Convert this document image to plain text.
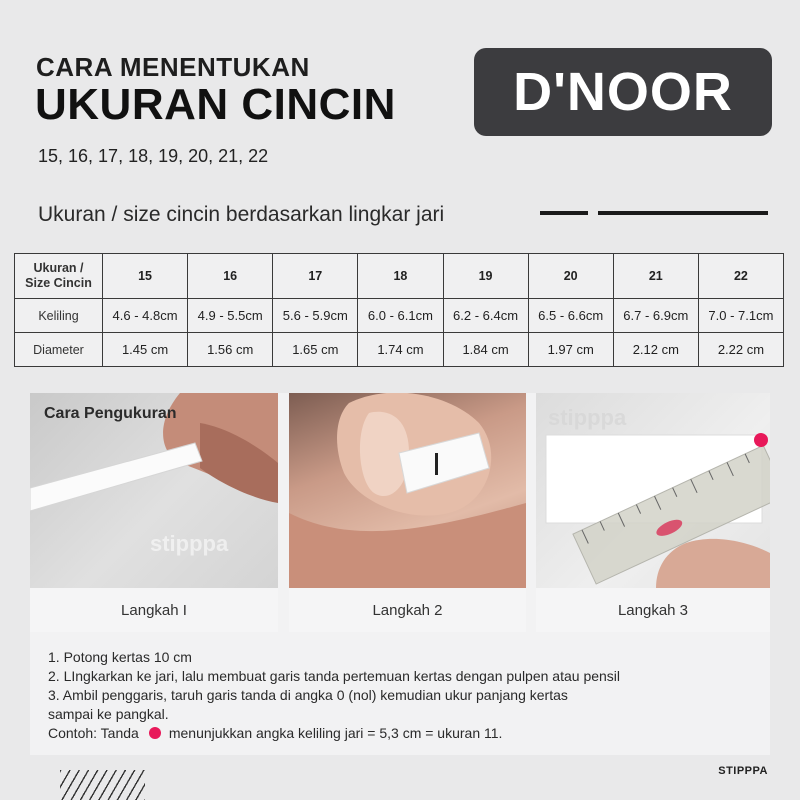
CARA MENENTUKAN
UKURAN CINCIN
15, 16, 17, 18, 19, 20, 21, 22
D'NOOR
Ukuran / size cincin berdasarkan lingkar jari
Ukuran /
Size Cincin	15	16	17	18	19	20	21	22
Keliling	4.6 - 4.8cm	4.9 - 5.5cm	5.6 - 5.9cm	6.0 - 6.1cm	6.2 - 6.4cm	6.5 - 6.6cm	6.7 - 6.9cm	7.0 - 7.1cm
Diameter	1.45 cm	1.56 cm	1.65 cm	1.74 cm	1.84 cm	1.97 cm	2.12 cm	2.22 cm
stipppa
stipppa
Cara Pengukuran
Langkah I	Langkah 2	Langkah 3
1. Potong kertas 10 cm
2. LIngkarkan ke jari, lalu membuat garis tanda pertemuan kertas dengan pulpen atau pensil
3. Ambil penggaris, taruh garis tanda di angka 0 (nol) kemudian ukur panjang kertas
sampai ke pangkal.
Contoh: Tanda menunjukkan angka keliling jari = 5,3 cm = ukuran 11.
STIPPPA
